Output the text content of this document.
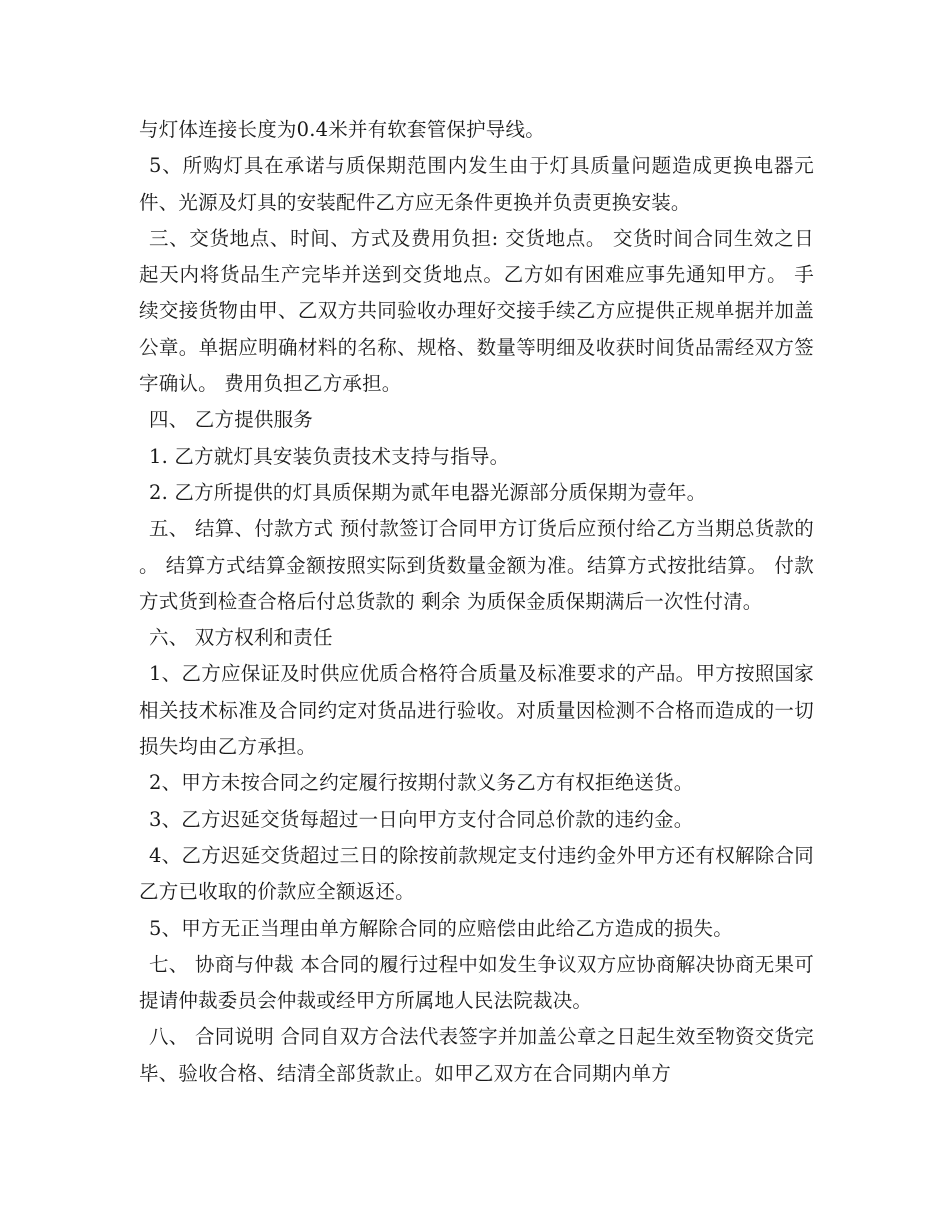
与灯体连接长度为0.4米并有软套管保护导线。

5、所购灯具在承诺与质保期范围内发生由于灯具质量问题造成更换电器元件、光源及灯具的安装配件乙方应无条件更换并负责更换安装。

三、交货地点、时间、方式及费用负担: 交货地点。 交货时间合同生效之日起天内将货品生产完毕并送到交货地点。乙方如有困难应事先通知甲方。 手续交接货物由甲、乙双方共同验收办理好交接手续乙方应提供正规单据并加盖公章。单据应明确材料的名称、规格、数量等明细及收获时间货品需经双方签字确认。 费用负担乙方承担。

四、 乙方提供服务

1. 乙方就灯具安装负责技术支持与指导。

2. 乙方所提供的灯具质保期为贰年电器光源部分质保期为壹年。

五、 结算、付款方式 预付款签订合同甲方订货后应预付给乙方当期总货款的 。 结算方式结算金额按照实际到货数量金额为准。结算方式按批结算。 付款方式货到检查合格后付总货款的 剩余 为质保金质保期满后一次性付清。

六、 双方权利和责任

1、乙方应保证及时供应优质合格符合质量及标准要求的产品。甲方按照国家相关技术标准及合同约定对货品进行验收。对质量因检测不合格而造成的一切损失均由乙方承担。

2、甲方未按合同之约定履行按期付款义务乙方有权拒绝送货。

3、乙方迟延交货每超过一日向甲方支付合同总价款的违约金。

4、乙方迟延交货超过三日的除按前款规定支付违约金外甲方还有权解除合同乙方已收取的价款应全额返还。

5、甲方无正当理由单方解除合同的应赔偿由此给乙方造成的损失。

七、 协商与仲裁 本合同的履行过程中如发生争议双方应协商解决协商无果可提请仲裁委员会仲裁或经甲方所属地人民法院裁决。

八、 合同说明 合同自双方合法代表签字并加盖公章之日起生效至物资交货完毕、验收合格、结清全部货款止。如甲乙双方在合同期内单方
